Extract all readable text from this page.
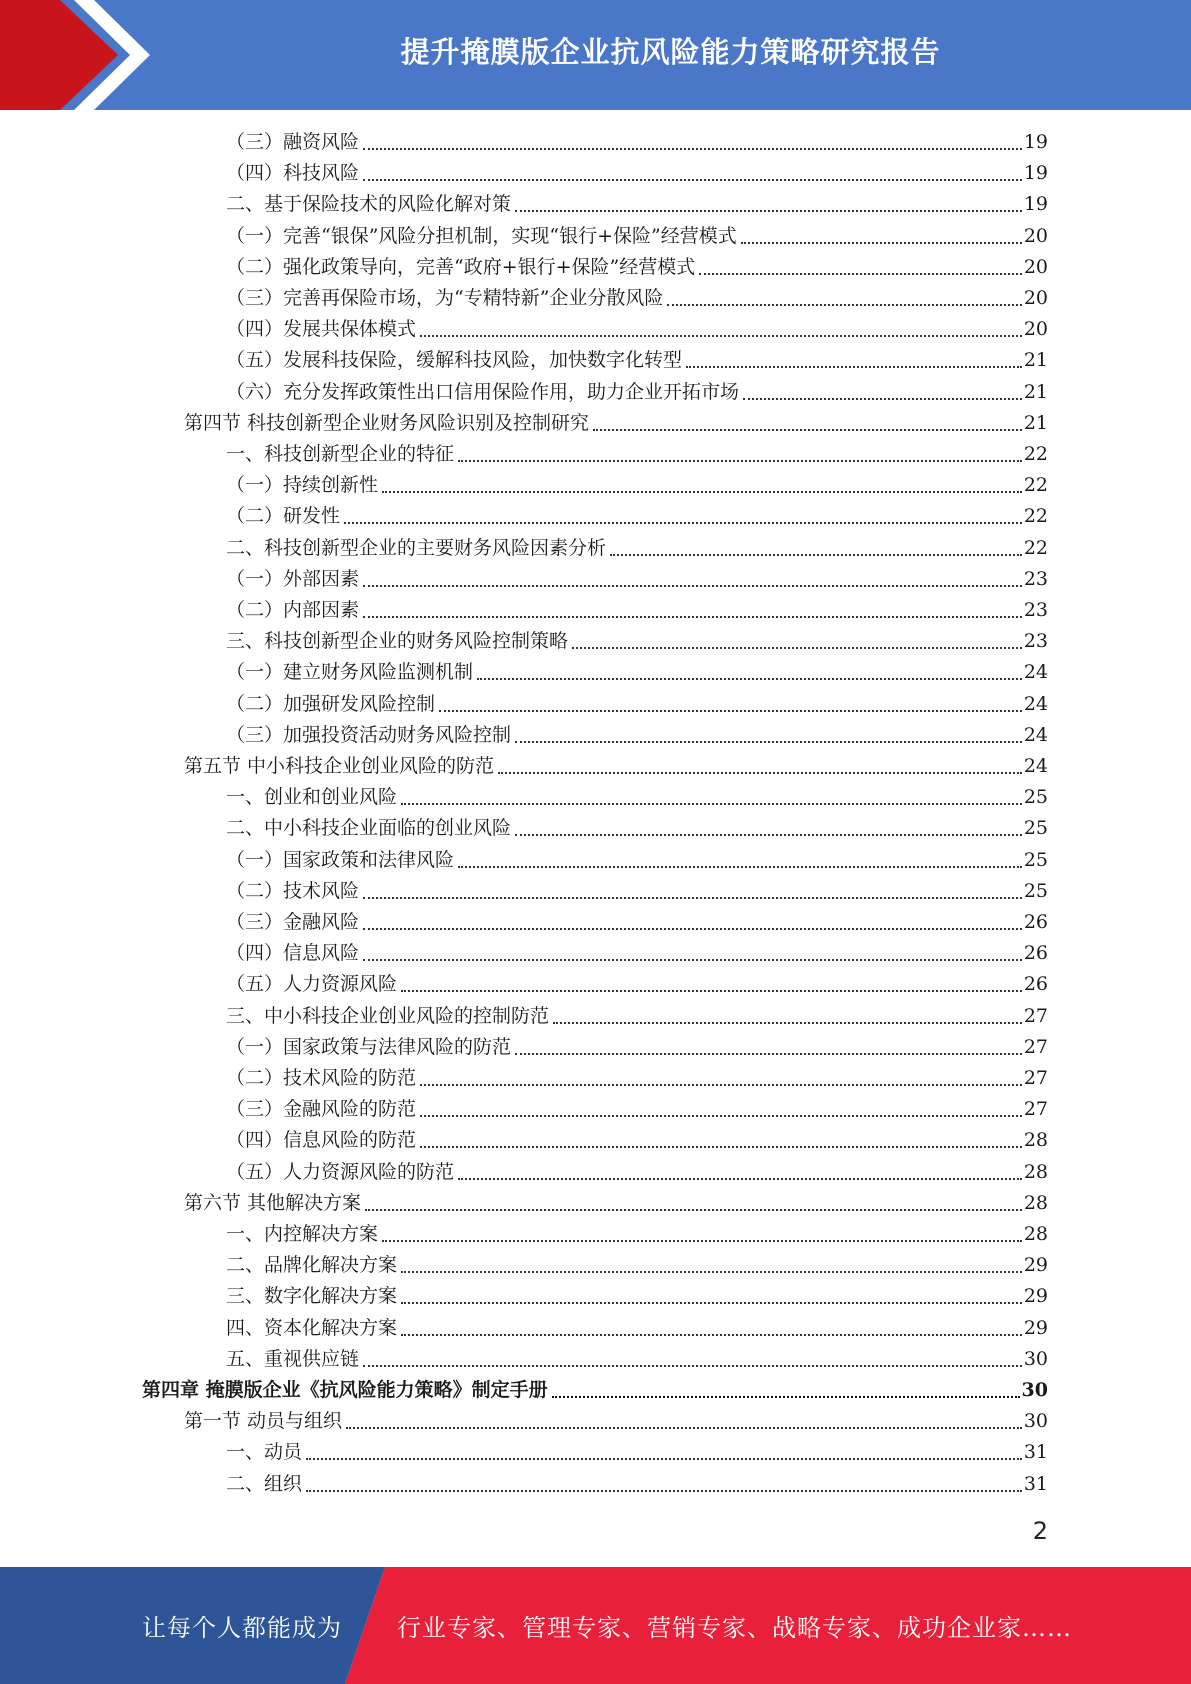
提升掩膜版企业抗风险能力策略研究报告
（三）融资风险	19
（四）科技风险	19
二、基于保险技术的风险化解对策	19
（一）完善“银保”风险分担机制，实现“银行+保险”经营模式	20
（二）强化政策导向，完善“政府+银行+保险”经营模式	20
（三）完善再保险市场，为“专精特新”企业分散风险	20
（四）发展共保体模式	20
（五）发展科技保险，缓解科技风险，加快数字化转型	21
（六）充分发挥政策性出口信用保险作用，助力企业开拓市场	21
第四节 科技创新型企业财务风险识别及控制研究	21
一、科技创新型企业的特征	22
（一）持续创新性	22
（二）研发性	22
二、科技创新型企业的主要财务风险因素分析	22
（一）外部因素	23
（二）内部因素	23
三、科技创新型企业的财务风险控制策略	23
（一）建立财务风险监测机制	24
（二）加强研发风险控制	24
（三）加强投资活动财务风险控制	24
第五节 中小科技企业创业风险的防范	24
一、创业和创业风险	25
二、中小科技企业面临的创业风险	25
（一）国家政策和法律风险	25
（二）技术风险	25
（三）金融风险	26
（四）信息风险	26
（五）人力资源风险	26
三、中小科技企业创业风险的控制防范	27
（一）国家政策与法律风险的防范	27
（二）技术风险的防范	27
（三）金融风险的防范	27
（四）信息风险的防范	28
（五）人力资源风险的防范	28
第六节 其他解决方案	28
一、内控解决方案	28
二、品牌化解决方案	29
三、数字化解决方案	29
四、资本化解决方案	29
五、重视供应链	30
第四章 掩膜版企业《抗风险能力策略》制定手册	30
第一节 动员与组织	30
一、动员	31
二、组织	31
2
让每个人都能成为 行业专家、管理专家、营销专家、战略专家、成功企业家……
